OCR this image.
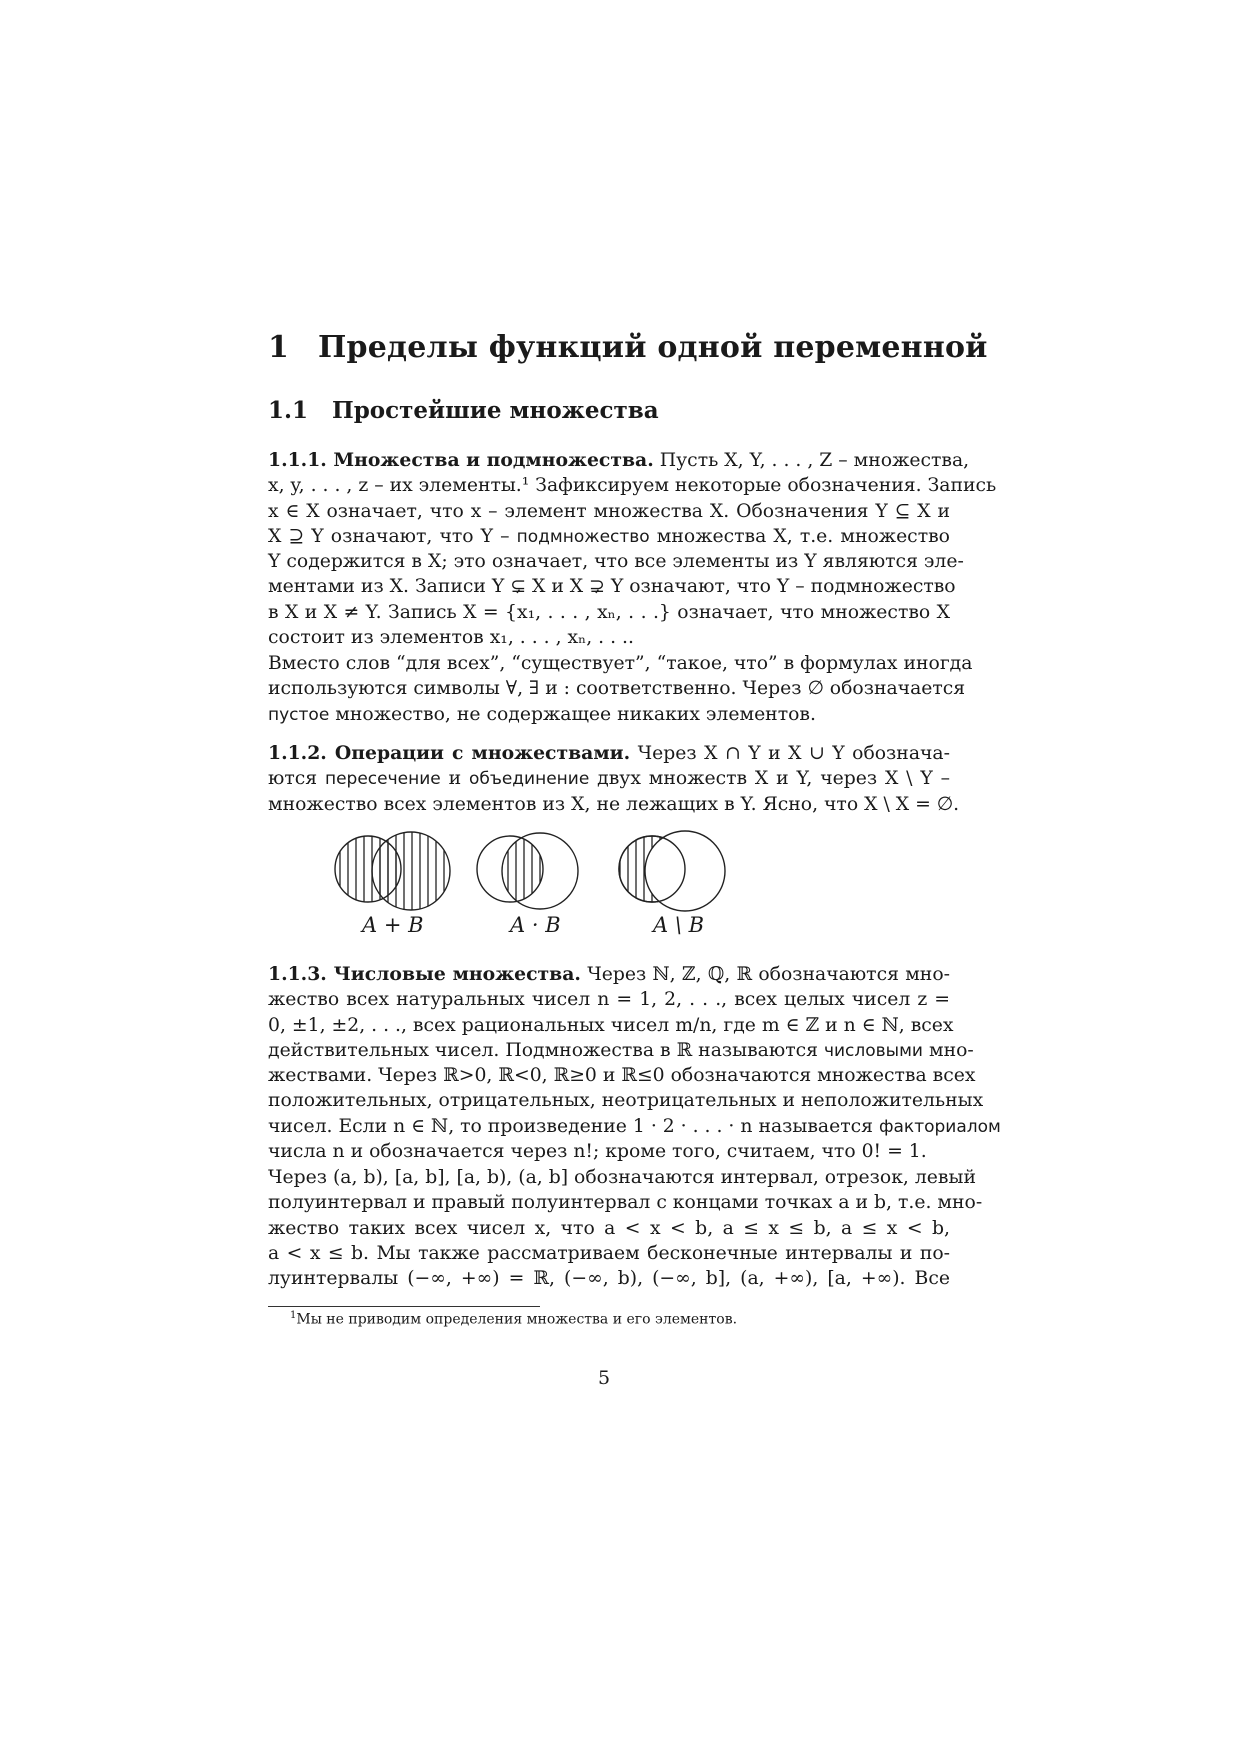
1 Пределы функций одной переменной
1.1 Простейшие множества
1.1.1. Множества и подмножества. Пусть X, Y, . . . , Z – множества,
x, y, . . . , z – их элементы.¹ Зафиксируем некоторые обозначения. Запись
x ∈ X означает, что x – элемент множества X. Обозначения Y ⊆ X и
X ⊇ Y означают, что Y – подмножество множества X, т.е. множество
Y содержится в X; это означает, что все элементы из Y являются эле-
ментами из X. Записи Y ⊊ X и X ⊋ Y означают, что Y – подмножество
в X и X ≠ Y. Запись X = {x₁, . . . , xₙ, . . .} означает, что множество X
состоит из элементов x₁, . . . , xₙ, . . ..
Вместо слов “для всех”, “существует”, “такое, что” в формулах иногда
используются символы ∀, ∃ и : соответственно. Через ∅ обозначается
пустое множество, не содержащее никаких элементов.
1.1.2. Операции с множествами. Через X ∩ Y и X ∪ Y обознача-
ются пересечение и объединение двух множеств X и Y, через X \ Y –
множество всех элементов из X, не лежащих в Y. Ясно, что X \ X = ∅.
A + B	A · B	A \ B
1.1.3. Числовые множества. Через ℕ, ℤ, ℚ, ℝ обозначаются мно-
жество всех натуральных чисел n = 1, 2, . . ., всех целых чисел z =
0, ±1, ±2, . . ., всех рациональных чисел m/n, где m ∈ ℤ и n ∈ ℕ, всех
действительных чисел. Подмножества в ℝ называются числовыми мно-
жествами. Через ℝ>0, ℝ<0, ℝ≥0 и ℝ≤0 обозначаются множества всех
положительных, отрицательных, неотрицательных и неположительных
чисел. Если n ∈ ℕ, то произведение 1 · 2 · . . . · n называется факториалом
числа n и обозначается через n!; кроме того, считаем, что 0! = 1.
Через (a, b), [a, b], [a, b), (a, b] обозначаются интервал, отрезок, левый
полуинтервал и правый полуинтервал с концами точках a и b, т.е. мно-
жество таких всех чисел x, что a < x < b, a ≤ x ≤ b, a ≤ x < b,
a < x ≤ b. Мы также рассматриваем бесконечные интервалы и по-
луинтервалы (−∞, +∞) = ℝ, (−∞, b), (−∞, b], (a, +∞), [a, +∞). Все
$^1$Мы не приводим определения множества и его элементов.
5
